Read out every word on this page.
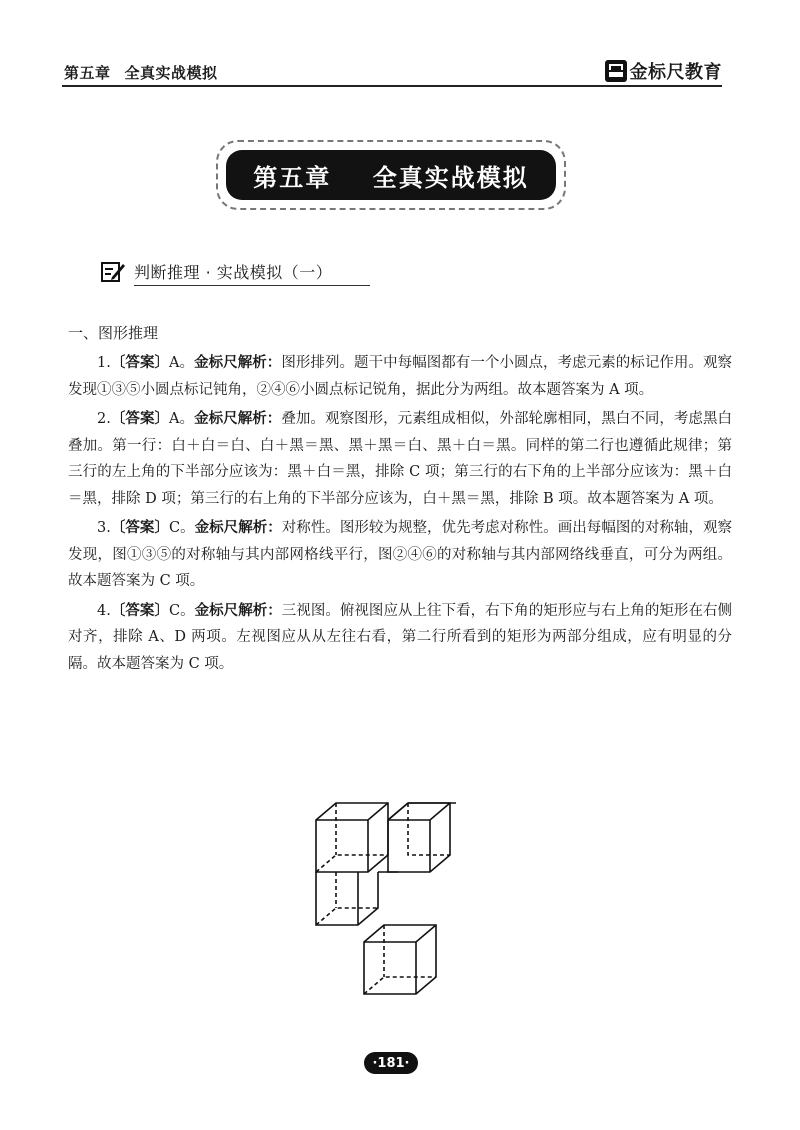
第五章 全真实战模拟	金标尺教育
第五章    全真实战模拟
判断推理 · 实战模拟（一）
一、图形推理

1.〔答案〕A。金标尺解析：图形排列。题干中每幅图都有一个小圆点，考虑元素的标记作用。观察发现①③⑤小圆点标记钝角，②④⑥小圆点标记锐角，据此分为两组。故本题答案为 A 项。

2.〔答案〕A。金标尺解析：叠加。观察图形，元素组成相似，外部轮廓相同，黑白不同，考虑黑白叠加。第一行：白＋白＝白、白＋黑＝黑、黑＋黑＝白、黑＋白＝黑。同样的第二行也遵循此规律；第三行的左上角的下半部分应该为：黑＋白＝黑，排除 C 项；第三行的右下角的上半部分应该为：黑＋白＝黑，排除 D 项；第三行的右上角的下半部分应该为，白＋黑＝黑，排除 B 项。故本题答案为 A 项。

3.〔答案〕C。金标尺解析：对称性。图形较为规整，优先考虑对称性。画出每幅图的对称轴，观察发现，图①③⑤的对称轴与其内部网格线平行，图②④⑥的对称轴与其内部网络线垂直，可分为两组。故本题答案为 C 项。

4.〔答案〕C。金标尺解析：三视图。俯视图应从上往下看，右下角的矩形应与右上角的矩形在右侧对齐，排除 A、D 两项。左视图应从从左往右看，第二行所看到的矩形为两部分组成，应有明显的分隔。故本题答案为 C 项。

·181·
